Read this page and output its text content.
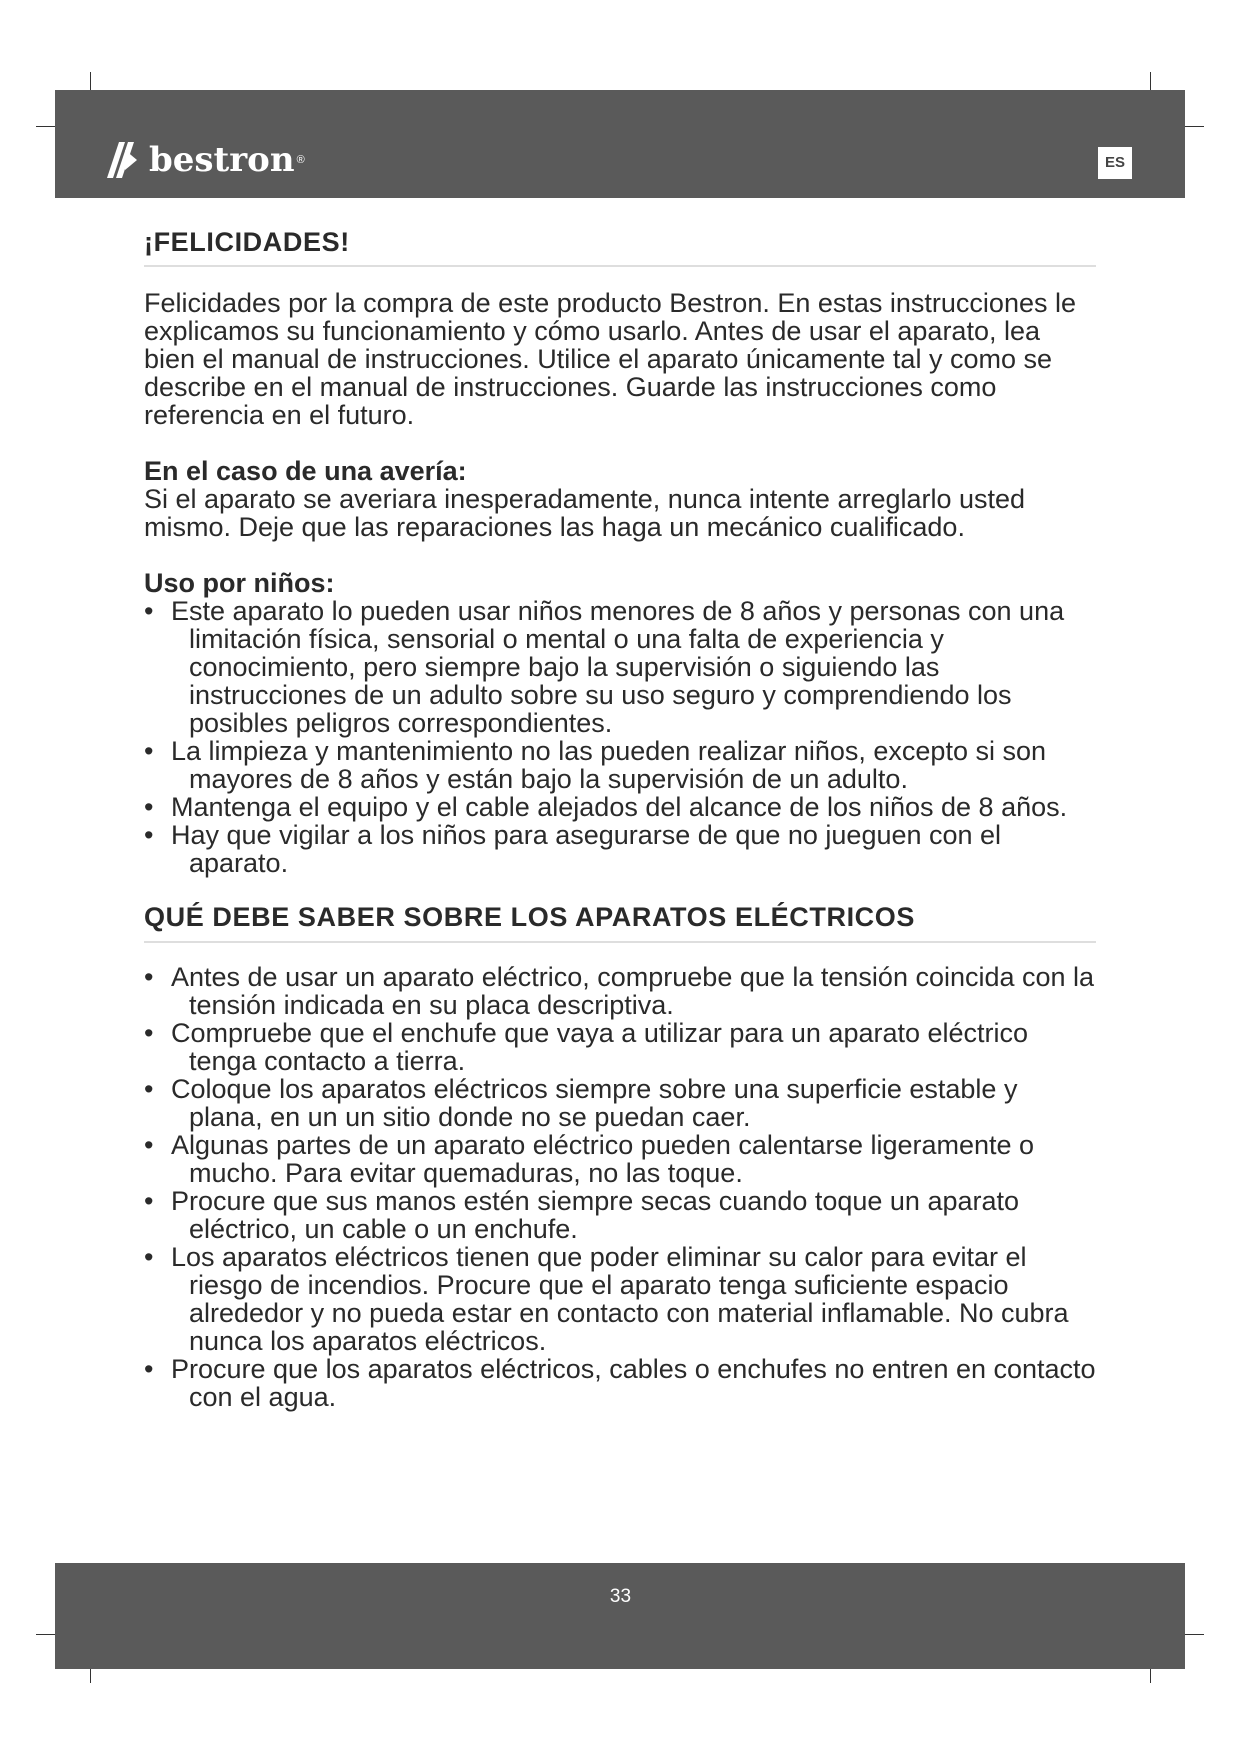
bestron ®	ES
¡FELICIDADES!

Felicidades por la compra de este producto Bestron. En estas instrucciones le explicamos su funcionamiento y cómo usarlo. Antes de usar el aparato, lea bien el manual de instrucciones. Utilice el aparato únicamente tal y como se describe en el manual de instrucciones. Guarde las instrucciones como referencia en el futuro.

En el caso de una avería:

Si el aparato se averiara inesperadamente, nunca intente arreglarlo usted mismo. Deje que las reparaciones las haga un mecánico cualificado.

Uso por niños:

• Este aparato lo pueden usar niños menores de 8 años y personas con una limitación física, sensorial o mental o una falta de experiencia y conocimiento, pero siempre bajo la supervisión o siguiendo las instrucciones de un adulto sobre su uso seguro y comprendiendo los posibles peligros correspondientes.
• La limpieza y mantenimiento no las pueden realizar niños, excepto si son mayores de 8 años y están bajo la supervisión de un adulto.
• Mantenga el equipo y el cable alejados del alcance de los niños de 8 años.
• Hay que vigilar a los niños para asegurarse de que no jueguen con el aparato.
QUÉ DEBE SABER SOBRE LOS APARATOS ELÉCTRICOS
• Antes de usar un aparato eléctrico, compruebe que la tensión coincida con la tensión indicada en su placa descriptiva.
• Compruebe que el enchufe que vaya a utilizar para un aparato eléctrico tenga contacto a tierra.
• Coloque los aparatos eléctricos siempre sobre una superficie estable y plana, en un un sitio donde no se puedan caer.
• Algunas partes de un aparato eléctrico pueden calentarse ligeramente o mucho. Para evitar quemaduras, no las toque.
• Procure que sus manos estén siempre secas cuando toque un aparato eléctrico, un cable o un enchufe.
• Los aparatos eléctricos tienen que poder eliminar su calor para evitar el riesgo de incendios. Procure que el aparato tenga suficiente espacio alrededor y no pueda estar en contacto con material inflamable. No cubra nunca los aparatos eléctricos.
• Procure que los aparatos eléctricos, cables o enchufes no entren en contacto con el agua.
33
